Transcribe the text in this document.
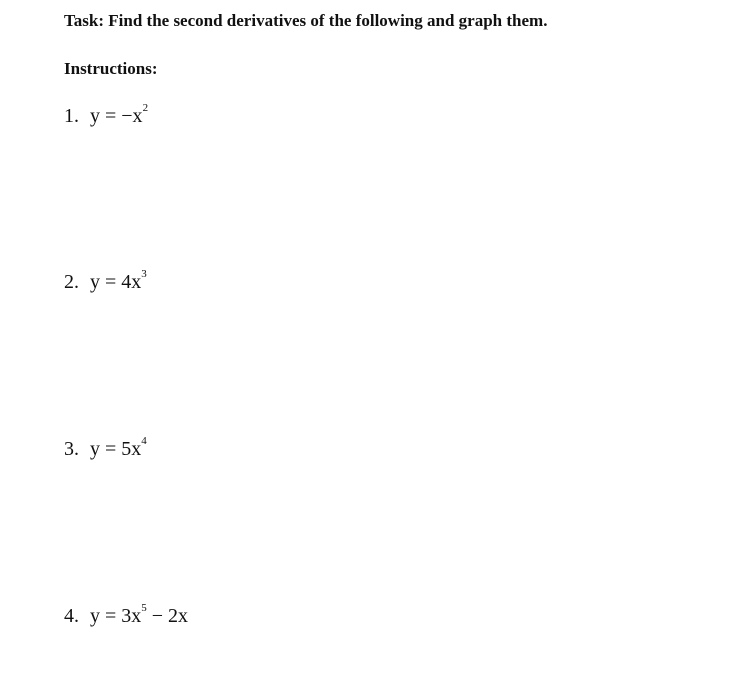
Task: Find the second derivatives of the following and graph them.
Instructions:
1. $y = -x^2$
2. $y = 4x^3$
3. $y = 5x^4$
4. $y = 3x^5 - 2x$
